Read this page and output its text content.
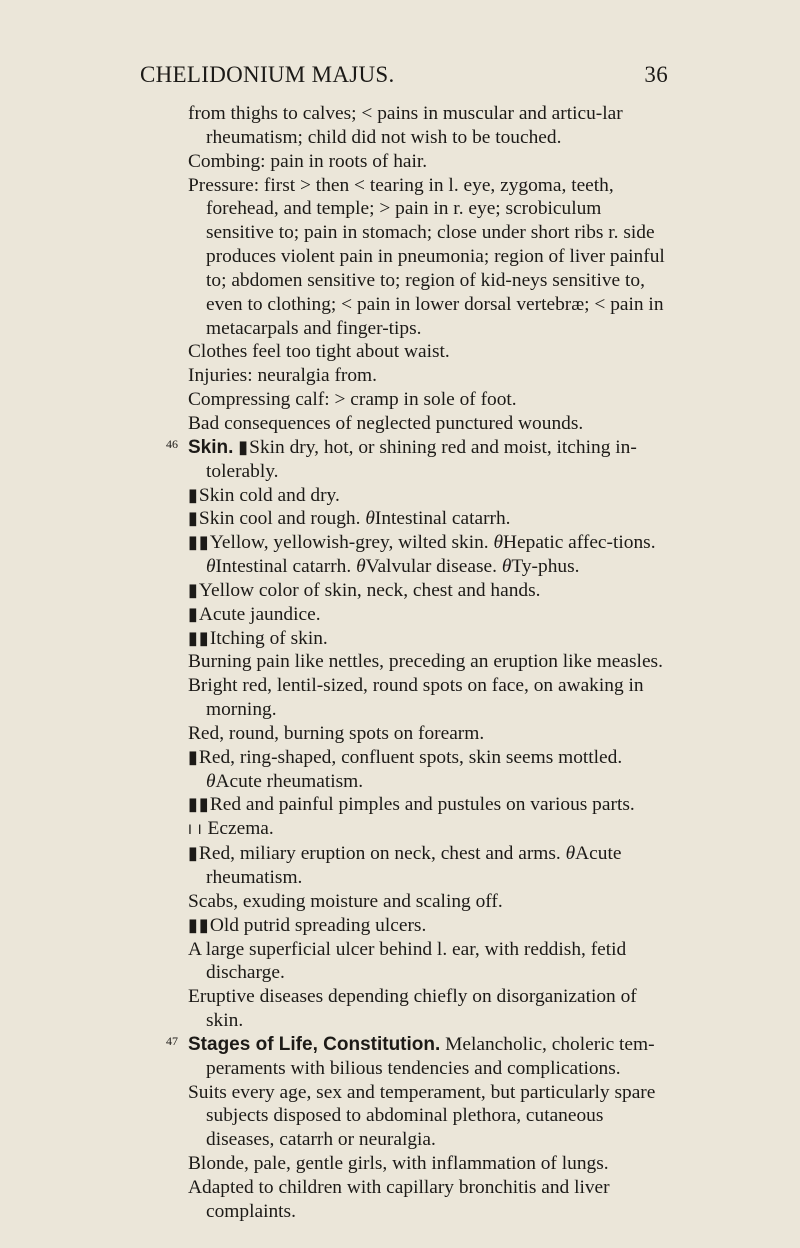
CHELIDONIUM MAJUS.	36

from thighs to calves; < pains in muscular and articu-lar rheumatism; child did not wish to be touched.

Combing: pain in roots of hair.

Pressure: first > then < tearing in l. eye, zygoma, teeth, forehead, and temple; > pain in r. eye; scrobiculum sensitive to; pain in stomach; close under short ribs r. side produces violent pain in pneumonia; region of liver painful to; abdomen sensitive to; region of kid-neys sensitive to, even to clothing; < pain in lower dorsal vertebræ; < pain in metacarpals and finger-tips.

Clothes feel too tight about waist.

Injuries: neuralgia from.

Compressing calf: > cramp in sole of foot.

Bad consequences of neglected punctured wounds.

46 Skin. ▮Skin dry, hot, or shining red and moist, itching in-tolerably.

▮Skin cold and dry.

▮Skin cool and rough. θIntestinal catarrh.

▮▮Yellow, yellowish-grey, wilted skin. θHepatic affec-tions. θIntestinal catarrh. θValvular disease. θTy-phus.

▮Yellow color of skin, neck, chest and hands.

▮Acute jaundice.

▮▮Itching of skin.

Burning pain like nettles, preceding an eruption like measles.

Bright red, lentil-sized, round spots on face, on awaking in morning.

Red, round, burning spots on forearm.

▮Red, ring-shaped, confluent spots, skin seems mottled. θAcute rheumatism.

▮▮Red and painful pimples and pustules on various parts.

I I Eczema.

▮Red, miliary eruption on neck, chest and arms. θAcute rheumatism.

Scabs, exuding moisture and scaling off.

▮▮Old putrid spreading ulcers.

A large superficial ulcer behind l. ear, with reddish, fetid discharge.

Eruptive diseases depending chiefly on disorganization of skin.

47 Stages of Life, Constitution. Melancholic, choleric tem-peraments with bilious tendencies and complications.

Suits every age, sex and temperament, but particularly spare subjects disposed to abdominal plethora, cutaneous diseases, catarrh or neuralgia.

Blonde, pale, gentle girls, with inflammation of lungs.

Adapted to children with capillary bronchitis and liver complaints.
